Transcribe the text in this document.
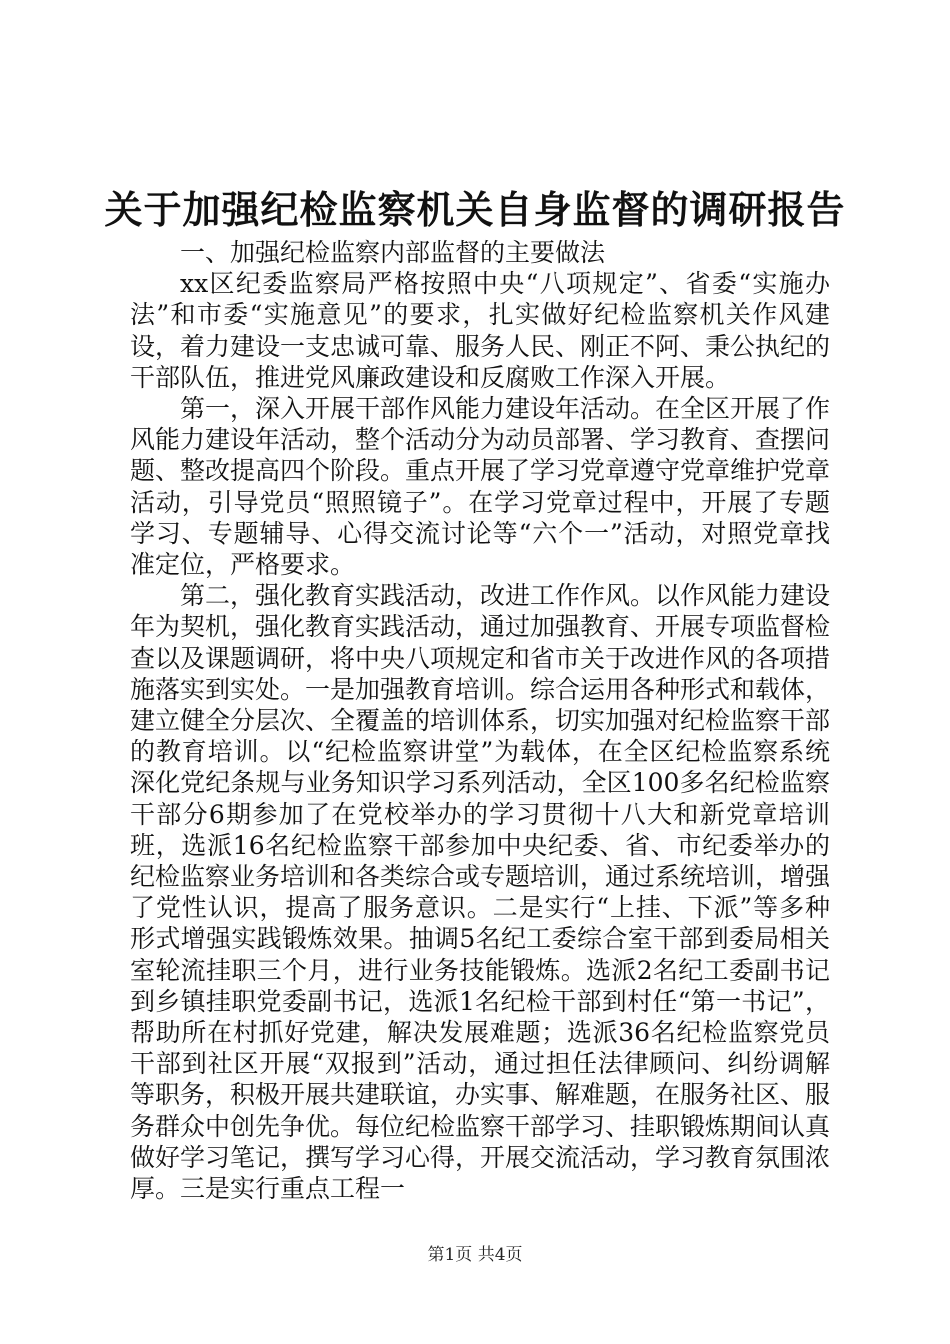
关于加强纪检监察机关自身监督的调研报告

一、加强纪检监察内部监督的主要做法

xx区纪委监察局严格按照中央“八项规定”、省委“实施办法”和市委“实施意见”的要求，扎实做好纪检监察机关作风建设，着力建设一支忠诚可靠、服务人民、刚正不阿、秉公执纪的干部队伍，推进党风廉政建设和反腐败工作深入开展。

第一，深入开展干部作风能力建设年活动。在全区开展了作风能力建设年活动，整个活动分为动员部署、学习教育、查摆问题、整改提高四个阶段。重点开展了学习党章遵守党章维护党章活动，引导党员“照照镜子”。在学习党章过程中，开展了专题学习、专题辅导、心得交流讨论等“六个一”活动，对照党章找准定位，严格要求。

第二，强化教育实践活动，改进工作作风。以作风能力建设年为契机，强化教育实践活动，通过加强教育、开展专项监督检查以及课题调研，将中央八项规定和省市关于改进作风的各项措施落实到实处。一是加强教育培训。综合运用各种形式和载体，建立健全分层次、全覆盖的培训体系，切实加强对纪检监察干部的教育培训。以“纪检监察讲堂”为载体，在全区纪检监察系统深化党纪条规与业务知识学习系列活动，全区100多名纪检监察干部分6期参加了在党校举办的学习贯彻十八大和新党章培训班，选派16名纪检监察干部参加中央纪委、省、市纪委举办的纪检监察业务培训和各类综合或专题培训，通过系统培训，增强了党性认识，提高了服务意识。二是实行“上挂、下派”等多种形式增强实践锻炼效果。抽调5名纪工委综合室干部到委局相关室轮流挂职三个月，进行业务技能锻炼。选派2名纪工委副书记到乡镇挂职党委副书记，选派1名纪检干部到村任“第一书记”，帮助所在村抓好党建，解决发展难题；选派36名纪检监察党员干部到社区开展“双报到”活动，通过担任法律顾问、纠纷调解等职务，积极开展共建联谊，办实事、解难题，在服务社区、服务群众中创先争优。每位纪检监察干部学习、挂职锻炼期间认真做好学习笔记，撰写学习心得，开展交流活动，学习教育氛围浓厚。三是实行重点工程一

第1页 共4页
